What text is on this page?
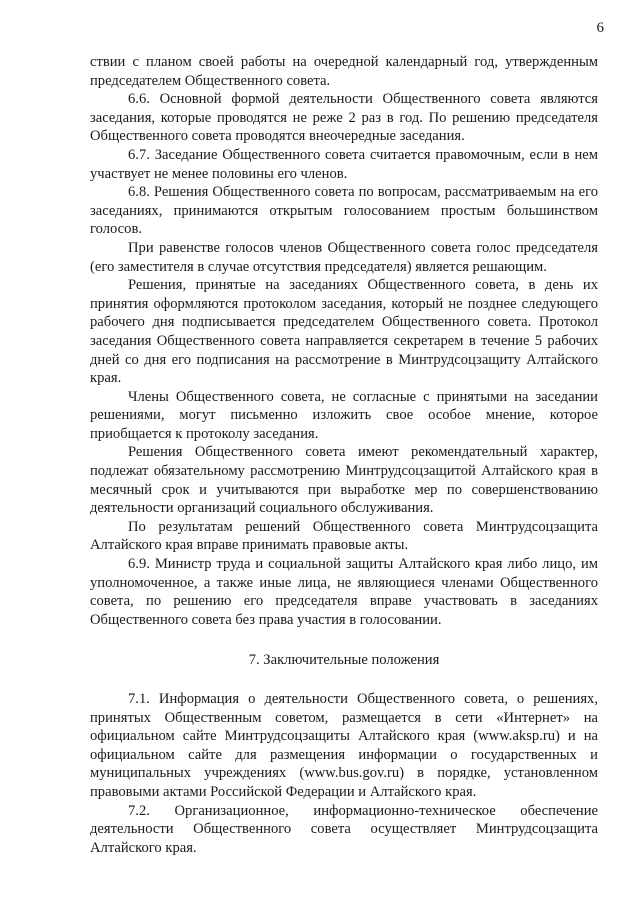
6

ствии с планом своей работы на очередной календарный год, утвержденным председателем Общественного совета.

6.6. Основной формой деятельности Общественного совета являются заседания, которые проводятся не реже 2 раз в год. По решению председателя Общественного совета проводятся внеочередные заседания.

6.7. Заседание Общественного совета считается правомочным, если в нем участвует не менее половины его членов.

6.8. Решения Общественного совета по вопросам, рассматриваемым на его заседаниях, принимаются открытым голосованием простым большинством голосов.

При равенстве голосов членов Общественного совета голос председателя (его заместителя в случае отсутствия председателя) является решающим.

Решения, принятые на заседаниях Общественного совета, в день их принятия оформляются протоколом заседания, который не позднее следующего рабочего дня подписывается председателем Общественного совета. Протокол заседания Общественного совета направляется секретарем в течение 5 рабочих дней со дня его подписания на рассмотрение в Минтрудсоцзащиту Алтайского края.

Члены Общественного совета, не согласные с принятыми на заседании решениями, могут письменно изложить свое особое мнение, которое приобщается к протоколу заседания.

Решения Общественного совета имеют рекомендательный характер, подлежат обязательному рассмотрению Минтрудсоцзащитой Алтайского края в месячный срок и учитываются при выработке мер по совершенствованию деятельности организаций социального обслуживания.

По результатам решений Общественного совета Минтрудсоцзащита Алтайского края вправе принимать правовые акты.

6.9. Министр труда и социальной защиты Алтайского края либо лицо, им уполномоченное, а также иные лица, не являющиеся членами Общественного совета, по решению его председателя вправе участвовать в заседаниях Общественного совета без права участия в голосовании.

7. Заключительные положения

7.1. Информация о деятельности Общественного совета, о решениях, принятых Общественным советом, размещается в сети «Интернет» на официальном сайте Минтрудсоцзащиты Алтайского края (www.aksp.ru) и на официальном сайте для размещения информации о государственных и муниципальных учреждениях (www.bus.gov.ru) в порядке, установленном правовыми актами Российской Федерации и Алтайского края.

7.2. Организационное, информационно-техническое обеспечение деятельности Общественного совета осуществляет Минтрудсоцзащита Алтайского края.
